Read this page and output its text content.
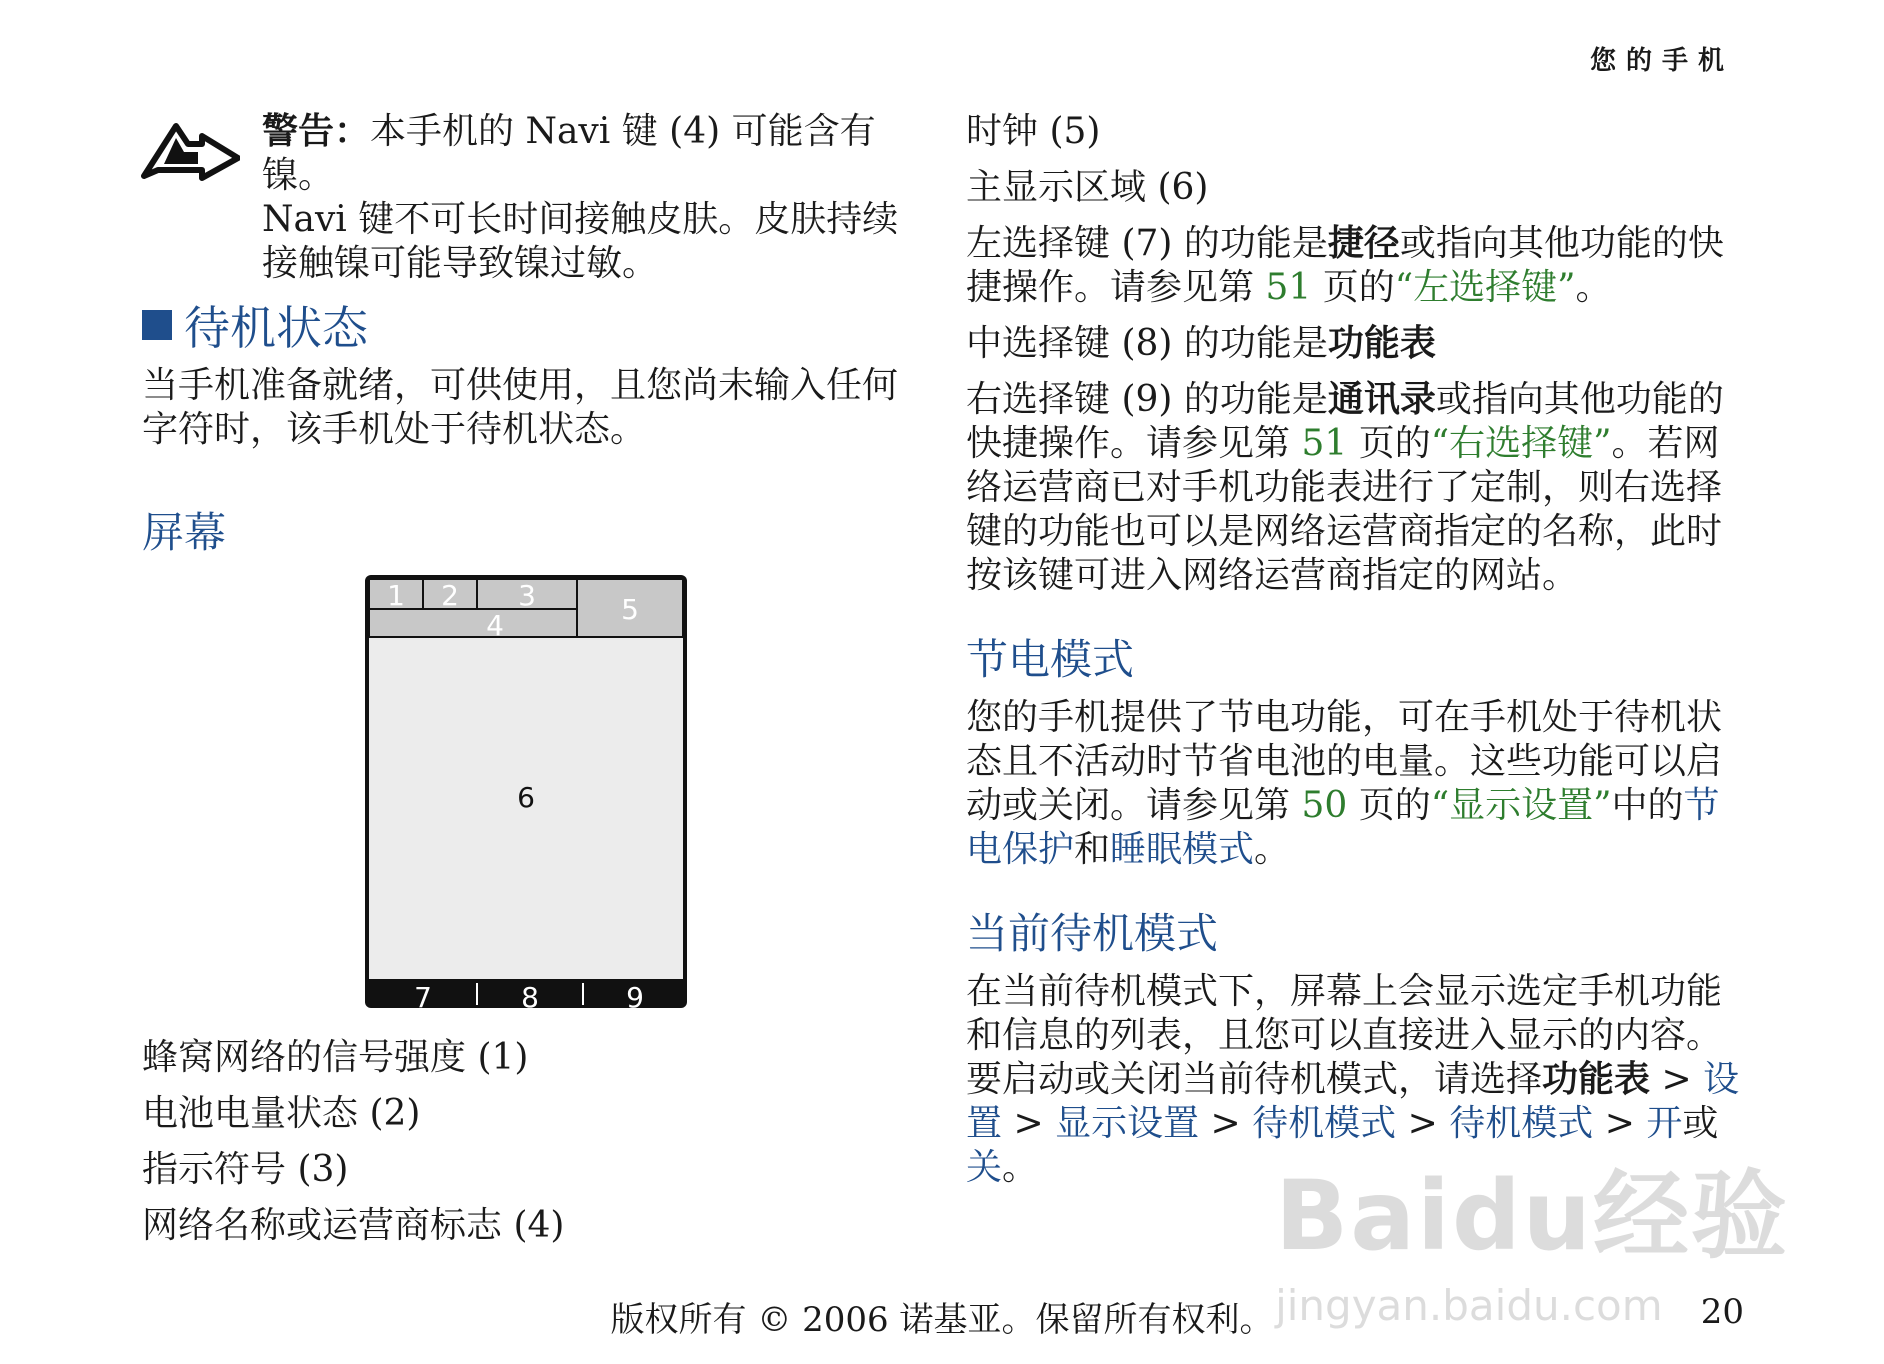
您的手机
警告：本手机的 Navi 键 (4) 可能含有镍。
Navi 键不可长时间接触皮肤。皮肤持续
接触镍可能导致镍过敏。
待机状态
当手机准备就绪，可供使用，且您尚未输入任何
字符时，该手机处于待机状态。
屏幕
1 2 3
4	5
6
7	8	9

蜂窝网络的信号强度 (1)

电池电量状态 (2)

指示符号 (3)

网络名称或运营商标志 (4)

时钟 (5)

主显示区域 (6)

左选择键 (7) 的功能是捷径或指向其他功能的快
捷操作。请参见第 51 页的“左选择键”。

中选择键 (8) 的功能是功能表

右选择键 (9) 的功能是通讯录或指向其他功能的
快捷操作。请参见第 51 页的“右选择键”。若网
络运营商已对手机功能表进行了定制，则右选择
键的功能也可以是网络运营商指定的名称，此时
按该键可进入网络运营商指定的网站。

节电模式

您的手机提供了节电功能，可在手机处于待机状
态且不活动时节省电池的电量。这些功能可以启
动或关闭。请参见第 50 页的“显示设置”中的节
电保护和睡眠模式。

当前待机模式

在当前待机模式下，屏幕上会显示选定手机功能
和信息的列表，且您可以直接进入显示的内容。
要启动或关闭当前待机模式，请选择功能表 > 设
置 > 显示设置 > 待机模式 > 待机模式 > 开或关。	Baidu经验
jingyan.baidu.com
版权所有 © 2006 诺基亚。保留所有权利。	20
